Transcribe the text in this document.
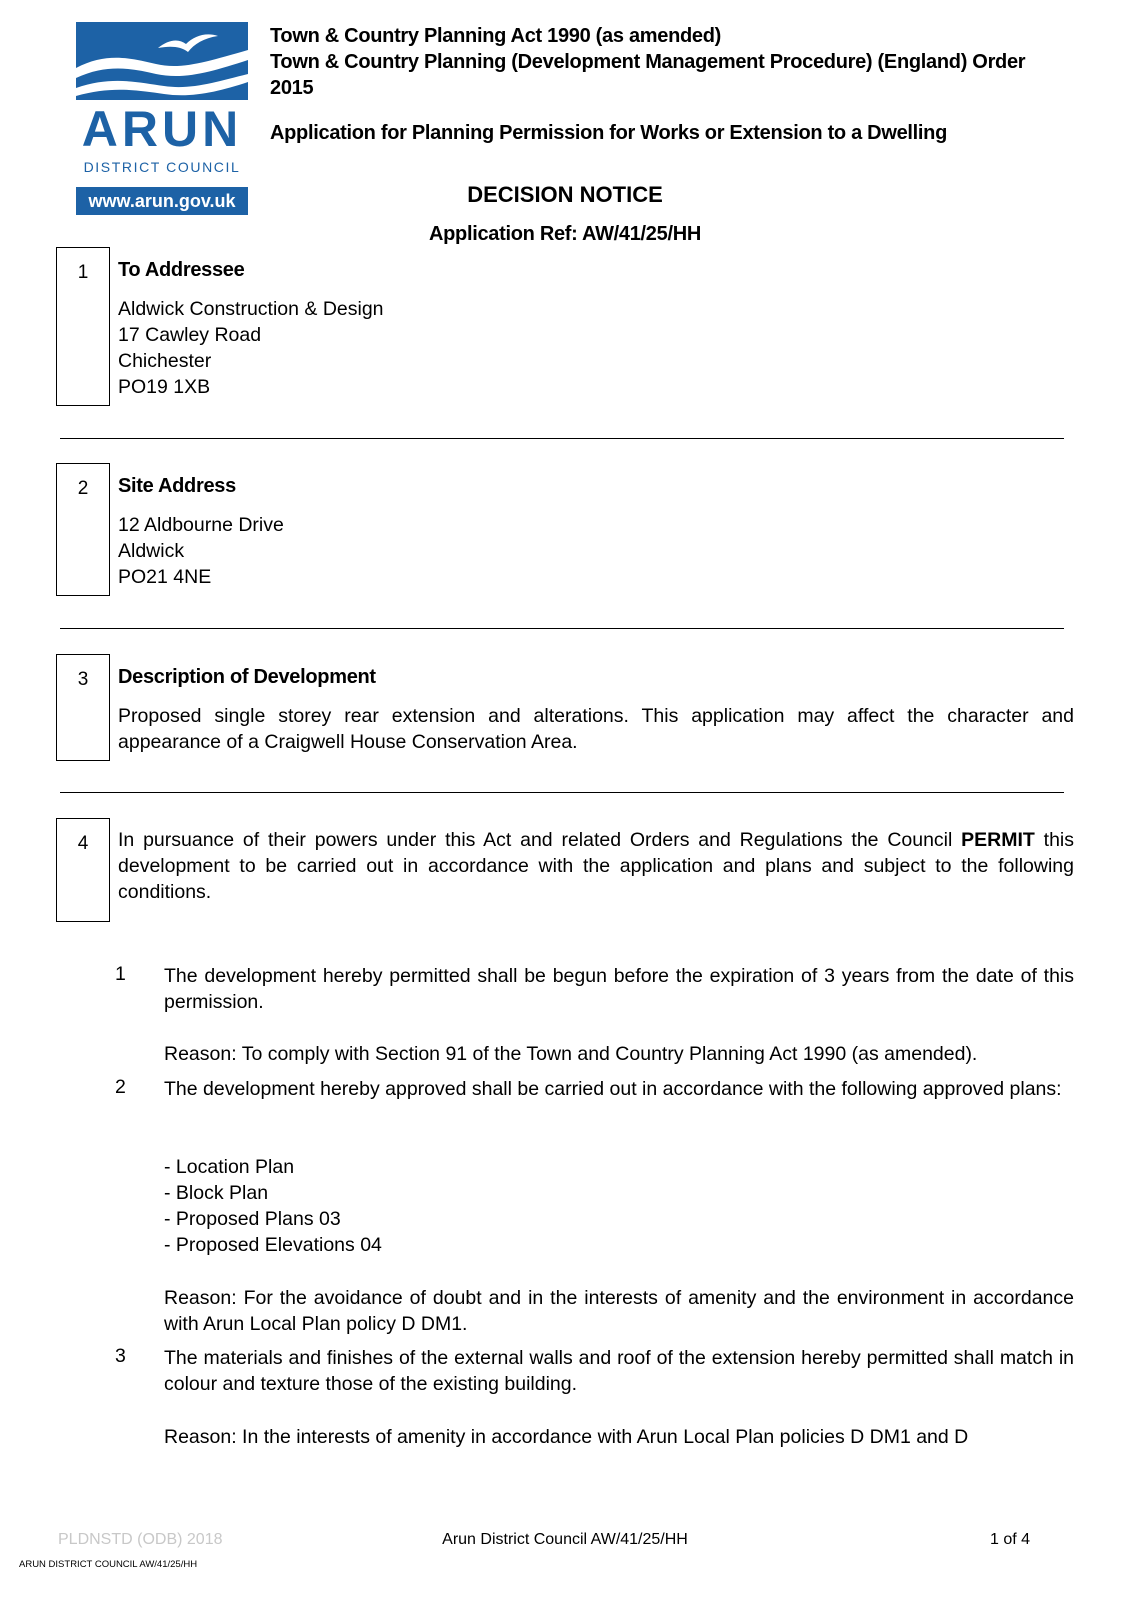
ARUN
DISTRICT COUNCIL
www.arun.gov.uk
Town & Country Planning Act 1990 (as amended)
Town & Country Planning (Development Management Procedure) (England) Order
2015
Application for Planning Permission for Works or Extension to a Dwelling
DECISION NOTICE
Application Ref: AW/41/25/HH
1	To Addressee
Aldwick Construction & Design
17 Cawley Road
Chichester
PO19 1XB
2	Site Address
12 Aldbourne Drive
Aldwick
PO21 4NE
3	Description of Development
Proposed single storey rear extension and alterations. This application may affect the character and appearance of a Craigwell House Conservation Area.
4	In pursuance of their powers under this Act and related Orders and Regulations the Council PERMIT this development to be carried out in accordance with the application and plans and subject to the following conditions.
1 The development hereby permitted shall be begun before the expiration of 3 years from the date of this permission.
Reason: To comply with Section 91 of the Town and Country Planning Act 1990 (as amended).
2 The development hereby approved shall be carried out in accordance with the following approved plans:
- Location Plan
- Block Plan
- Proposed Plans 03
- Proposed Elevations 04
Reason: For the avoidance of doubt and in the interests of amenity and the environment in accordance with Arun Local Plan policy D DM1.
3 The materials and finishes of the external walls and roof of the extension hereby permitted shall match in colour and texture those of the existing building.
Reason: In the interests of amenity in accordance with Arun Local Plan policies D DM1 and D
PLDNSTD (ODB) 2018	Arun District Council AW/41/25/HH	1 of 4
ARUN DISTRICT COUNCIL AW/41/25/HH
